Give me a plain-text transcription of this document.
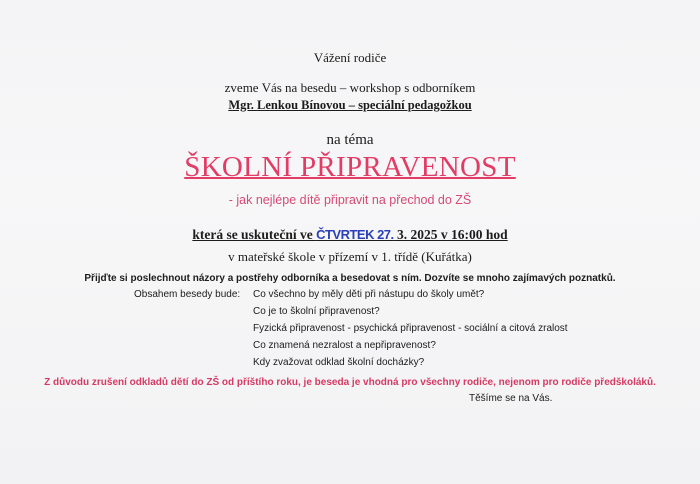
Vážení rodiče
zveme Vás na besedu – workshop s odborníkem
Mgr. Lenkou Bínovou – speciální pedagožkou
na téma
ŠKOLNÍ PŘIPRAVENOST
- jak nejlépe dítě připravit na přechod do ZŠ
která se uskuteční ve ČTVRTEK 27. 3. 2025 v 16:00 hod
v mateřské škole v přízemí v 1. třídě (Kuřátka)
Přijďte si poslechnout názory a postřehy odborníka a besedovat s ním. Dozvíte se mnoho zajímavých poznatků.
Obsahem besedy bude: Co všechno by měly děti při nástupu do školy umět?
Co je to školní připravenost?
Fyzická připravenost - psychická připravenost - sociální a citová zralost
Co znamená nezralost a nepřipravenost?
Kdy zvažovat odklad školní docházky?
Z důvodu zrušení odkladů dětí do ZŠ od příštího roku, je beseda je vhodná pro všechny rodiče, nejenom pro rodiče předškoláků.
Těšíme se na Vás.
